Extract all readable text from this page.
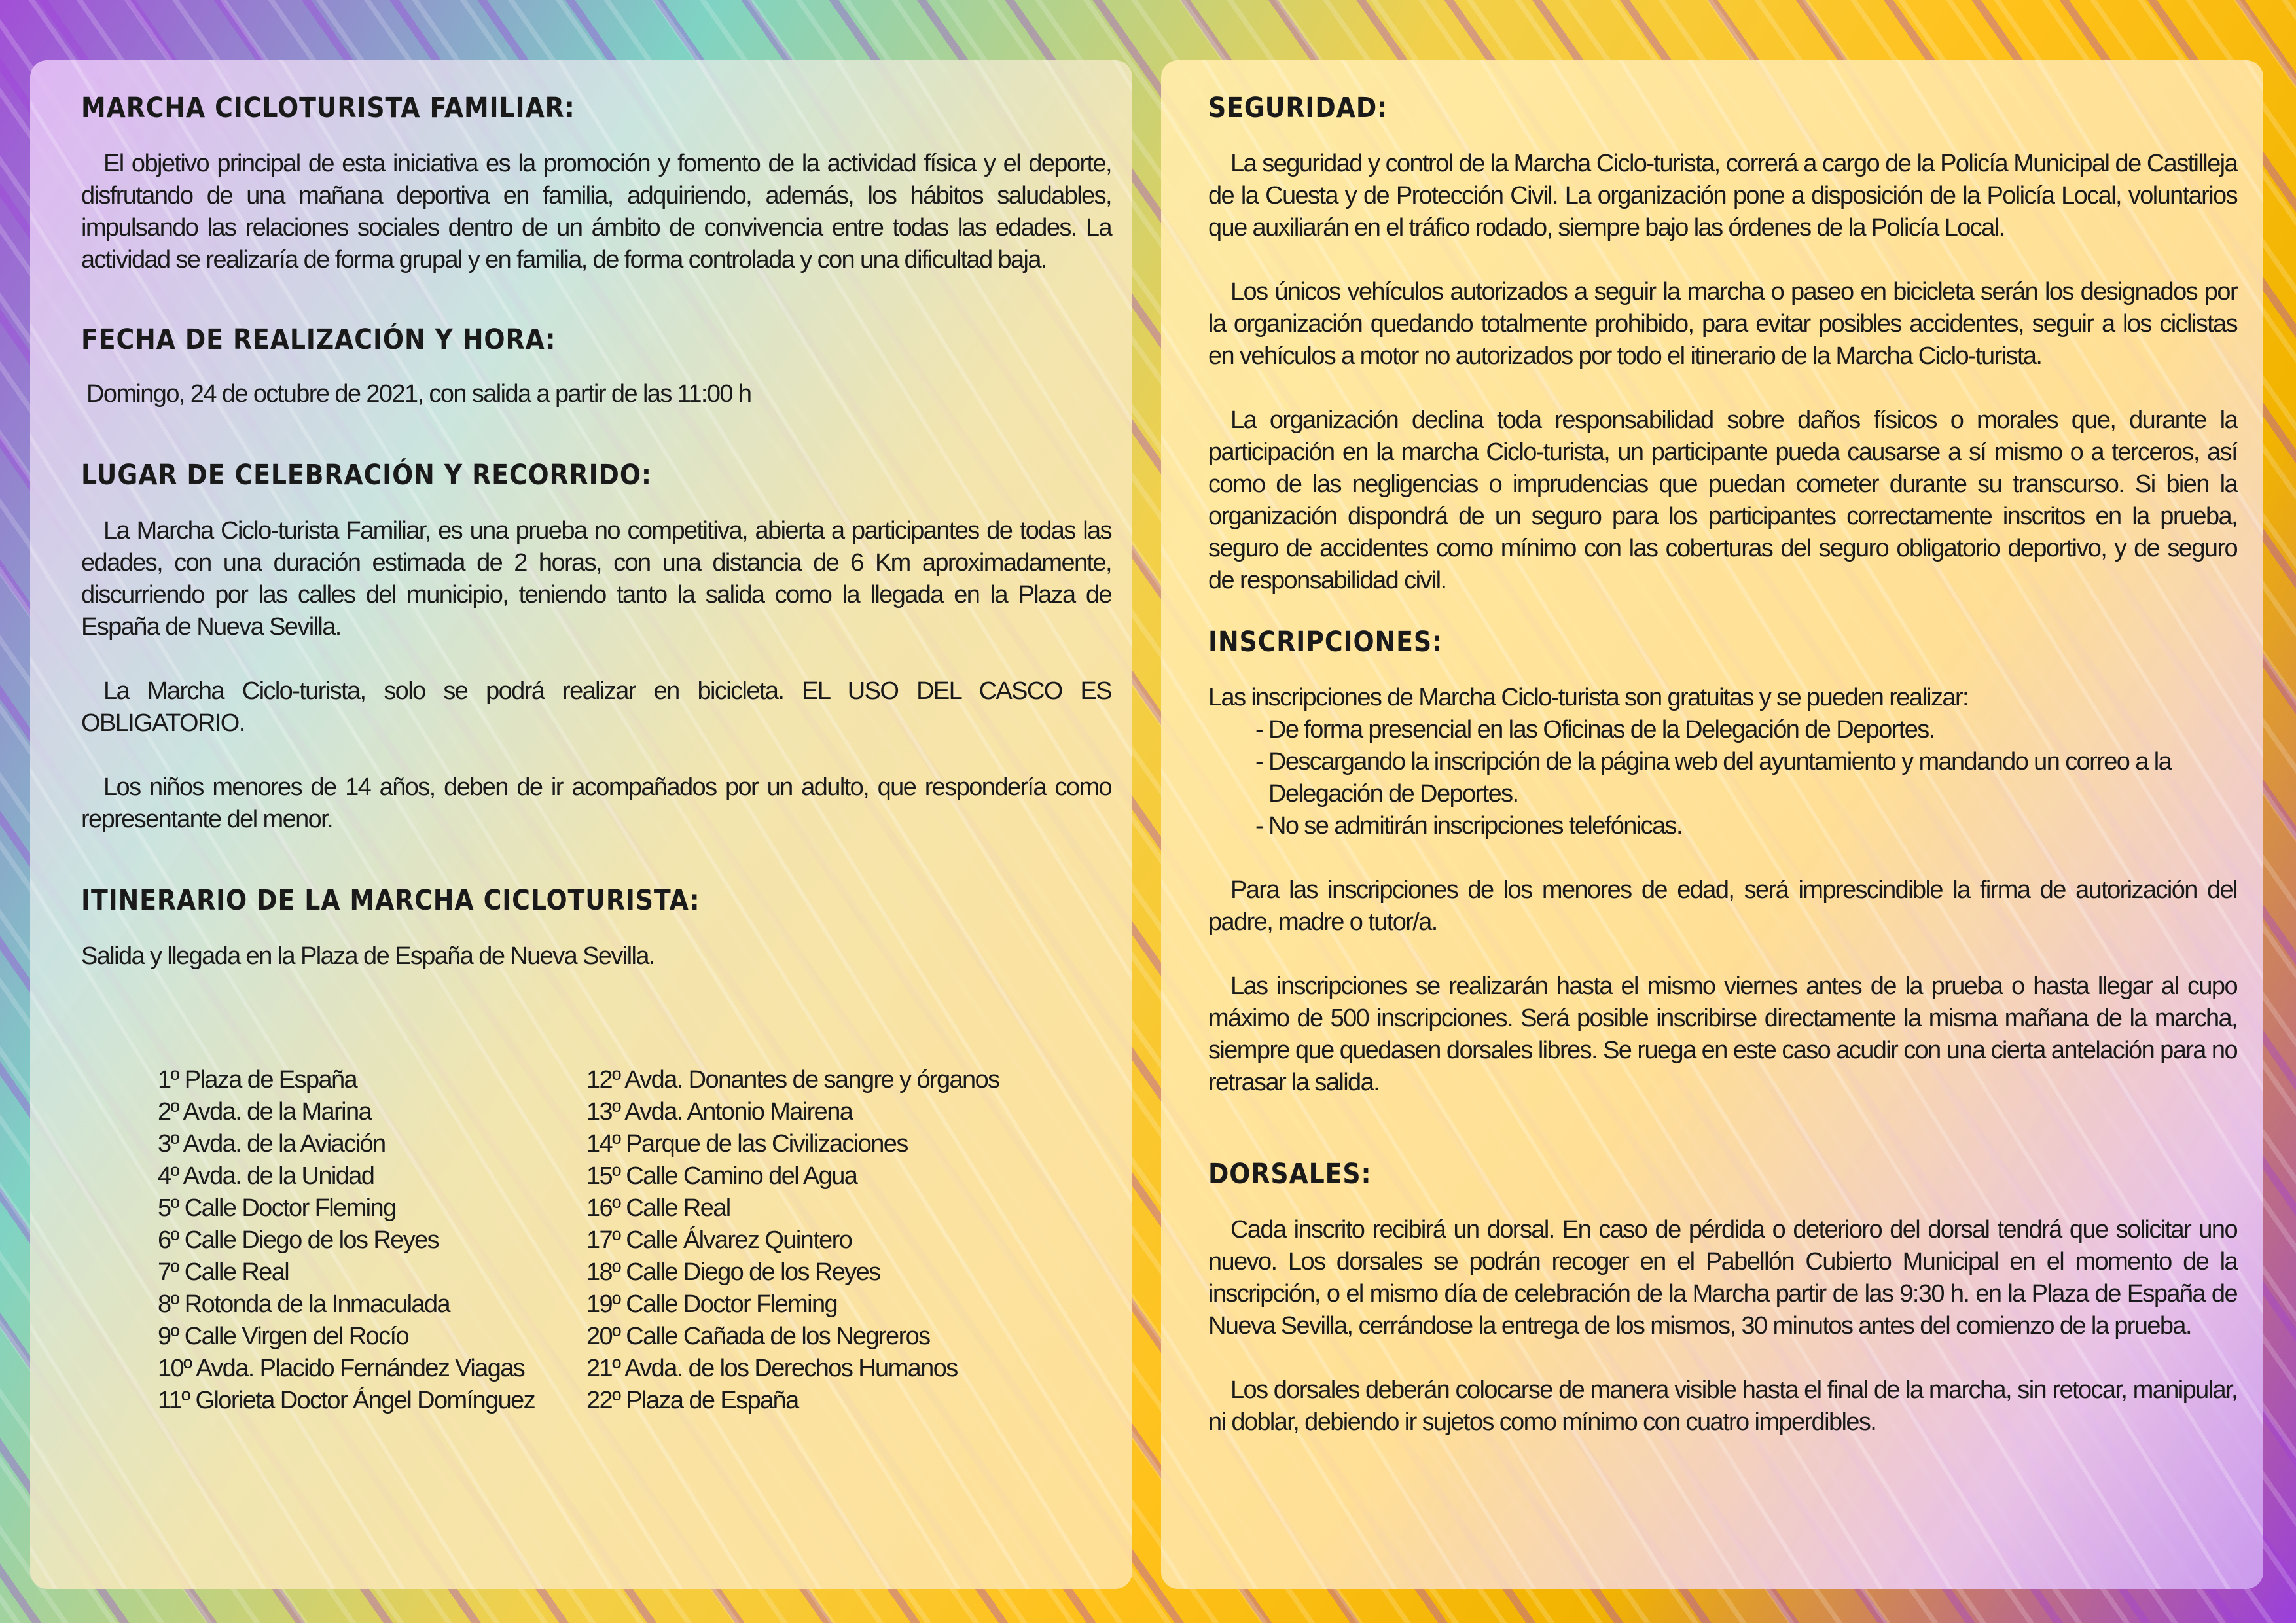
MARCHA CICLOTURISTA FAMILIAR:

El objetivo principal de esta iniciativa es la promoción y fomento de la actividad física y el deporte, disfrutando de una mañana deportiva en familia, adquiriendo, además, los hábitos saludables, impulsando las relaciones sociales dentro de un ámbito de convivencia entre todas las edades. La actividad se realizaría de forma grupal y en familia, de forma controlada y con una dificultad baja.

FECHA DE REALIZACIÓN Y HORA:

Domingo, 24 de octubre de 2021, con salida a partir de las 11:00 h

LUGAR DE CELEBRACIÓN Y RECORRIDO:

La Marcha Ciclo-turista Familiar, es una prueba no competitiva, abierta a participantes de todas las edades, con una duración estimada de 2 horas, con una distancia de 6 Km aproximadamente, discurriendo por las calles del municipio, teniendo tanto la salida como la llegada en la Plaza de España de Nueva Sevilla.

La Marcha Ciclo-turista, solo se podrá realizar en bicicleta. EL USO DEL CASCO ES OBLIGATORIO.

Los niños menores de 14 años, deben de ir acompañados por un adulto, que respondería como representante del menor.

ITINERARIO DE LA MARCHA CICLOTURISTA:

Salida y llegada en la Plaza de España de Nueva Sevilla.

1º Plaza de España
2º Avda. de la Marina
3º Avda. de la Aviación
4º Avda. de la Unidad
5º Calle Doctor Fleming
6º Calle Diego de los Reyes
7º Calle Real
8º Rotonda de la Inmaculada
9º Calle Virgen del Rocío
10º Avda. Placido Fernández Viagas
11º Glorieta Doctor Ángel Domínguez
12º Avda. Donantes de sangre y órganos
13º Avda. Antonio Mairena
14º Parque de las Civilizaciones
15º Calle Camino del Agua
16º Calle Real
17º Calle Álvarez Quintero
18º Calle Diego de los Reyes
19º Calle Doctor Fleming
20º Calle Cañada de los Negreros
21º Avda. de los Derechos Humanos
22º Plaza de España
SEGURIDAD:

La seguridad y control de la Marcha Ciclo-turista, correrá a cargo de la Policía Municipal de Castilleja de la Cuesta y de Protección Civil. La organización pone a disposición de la Policía Local, voluntarios que auxiliarán en el tráfico rodado, siempre bajo las órdenes de la Policía Local.

Los únicos vehículos autorizados a seguir la marcha o paseo en bicicleta serán los designados por la organización quedando totalmente prohibido, para evitar posibles accidentes, seguir a los ciclistas en vehículos a motor no autorizados por todo el itinerario de la Marcha Ciclo-turista.

La organización declina toda responsabilidad sobre daños físicos o morales que, durante la participación en la marcha Ciclo-turista, un participante pueda causarse a sí mismo o a terceros, así como de las negligencias o imprudencias que puedan cometer durante su transcurso. Si bien la organización dispondrá de un seguro para los participantes correctamente inscritos en la prueba, seguro de accidentes como mínimo con las coberturas del seguro obligatorio deportivo, y de seguro de responsabilidad civil.

INSCRIPCIONES:

Las inscripciones de Marcha Ciclo-turista son gratuitas y se pueden realizar:

- De forma presencial en las Oficinas de la Delegación de Deportes.
- Descargando la inscripción de la página web del ayuntamiento y mandando un correo a la Delegación de Deportes.
- No se admitirán inscripciones telefónicas.

Para las inscripciones de los menores de edad, será imprescindible la firma de autorización del padre, madre o tutor/a.

Las inscripciones se realizarán hasta el mismo viernes antes de la prueba o hasta llegar al cupo máximo de 500 inscripciones. Será posible inscribirse directamente la misma mañana de la marcha, siempre que quedasen dorsales libres. Se ruega en este caso acudir con una cierta antelación para no retrasar la salida.

DORSALES:

Cada inscrito recibirá un dorsal. En caso de pérdida o deterioro del dorsal tendrá que solicitar uno nuevo. Los dorsales se podrán recoger en el Pabellón Cubierto Municipal en el momento de la inscripción, o el mismo día de celebración de la Marcha partir de las 9:30 h. en la Plaza de España de Nueva Sevilla, cerrándose la entrega de los mismos, 30 minutos antes del comienzo de la prueba.

Los dorsales deberán colocarse de manera visible hasta el final de la marcha, sin retocar, manipular, ni doblar, debiendo ir sujetos como mínimo con cuatro imperdibles.
